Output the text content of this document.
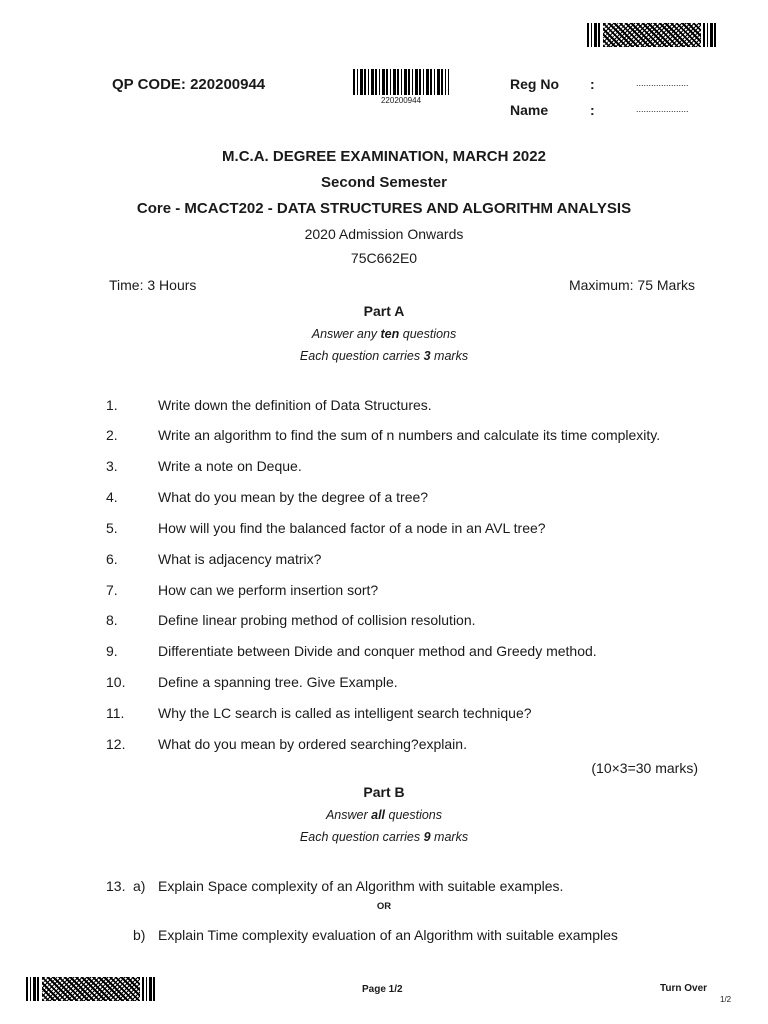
QP CODE: 220200944
220200944
Reg No :	.....................
Name	:	.....................
M.C.A. DEGREE EXAMINATION, MARCH 2022
Second Semester
Core - MCACT202 - DATA STRUCTURES AND ALGORITHM ANALYSIS
2020 Admission Onwards
75C662E0
Time: 3 Hours	Maximum: 75 Marks
Part A
Answer any ten questions
Each question carries 3 marks
1.	Write down the definition of Data Structures.
2.	Write an algorithm to find the sum of n numbers and calculate its time complexity.
3.	Write a note on Deque.
4.	What do you mean by the degree of a tree?
5.	How will you find the balanced factor of a node in an AVL tree?
6.	What is adjacency matrix?
7.	How can we perform insertion sort?
8.	Define linear probing method of collision resolution.
9.	Differentiate between Divide and conquer method and Greedy method.
10. Define a spanning tree. Give Example.
11. Why the LC search is called as intelligent search technique?
12. What do you mean by ordered searching?explain.
(10×3=30 marks)
Part B
Answer all questions
Each question carries 9 marks
13. a) Explain Space complexity of an Algorithm with suitable examples.
OR
b) Explain Time complexity evaluation of an Algorithm with suitable examples
Page 1/2	Turn Over
1/2
